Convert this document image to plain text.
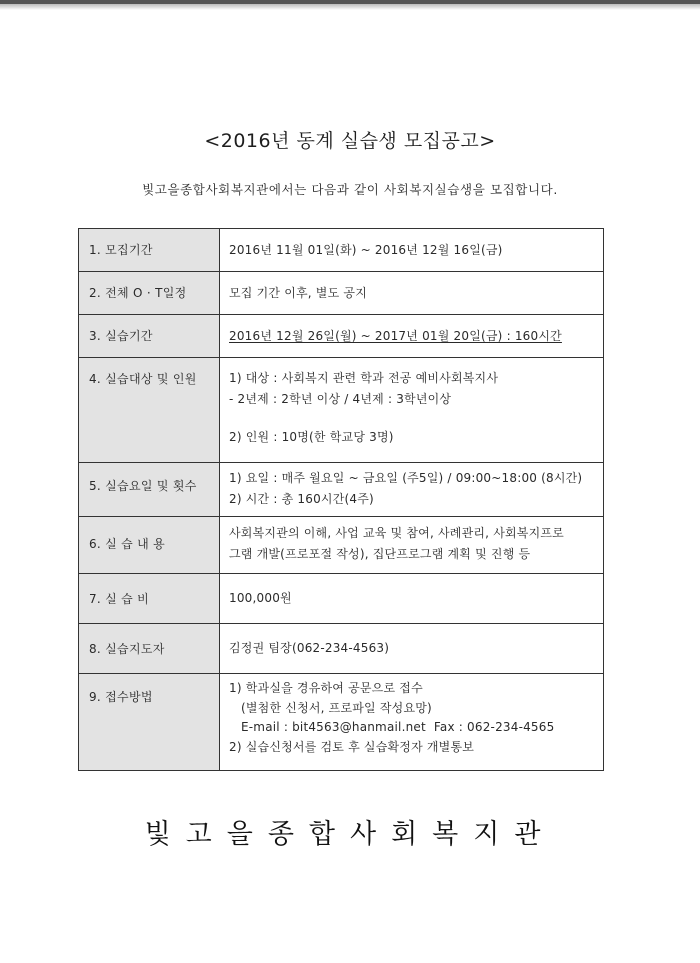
<2016년 동계 실습생 모집공고>
빛고을종합사회복지관에서는 다음과 같이 사회복지실습생을 모집합니다.
1. 모집기간	2016년 11월 01일(화) ~ 2016년 12월 16일(금)

2. 전체 O · T일정	모집 기간 이후, 별도 공지

3. 실습기간	2016년 12월 26일(월) ~ 2017년 01월 20일(금) : 160시간

4. 실습대상 및 인원	1) 대상 : 사회복지 관련 학과 전공 예비사회복지사
- 2년제 : 2학년 이상 / 4년제 : 3학년이상
2) 인원 : 10명(한 학교당 3명)

5. 실습요일 및 횟수	1) 요일 : 매주 월요일 ~ 금요일 (주5일) / 09:00~18:00 (8시간)
2) 시간 : 총 160시간(4주)

6. 실 습 내 용	사회복지관의 이해, 사업 교육 및 참여, 사례관리, 사회복지프로
그램 개발(프로포절 작성), 집단프로그램 계획 및 진행 등

7. 실 습 비	100,000원

8. 실습지도자	김정권 팀장(062-234-4563)

9. 접수방법	1) 학과실을 경유하여 공문으로 접수
(별첨한 신청서, 프로파일 작성요망)
E-mail : bit4563@hanmail.net  Fax : 062-234-4565
2) 실습신청서를 검토 후 실습확정자 개별통보
빛고을종합사회복지관
